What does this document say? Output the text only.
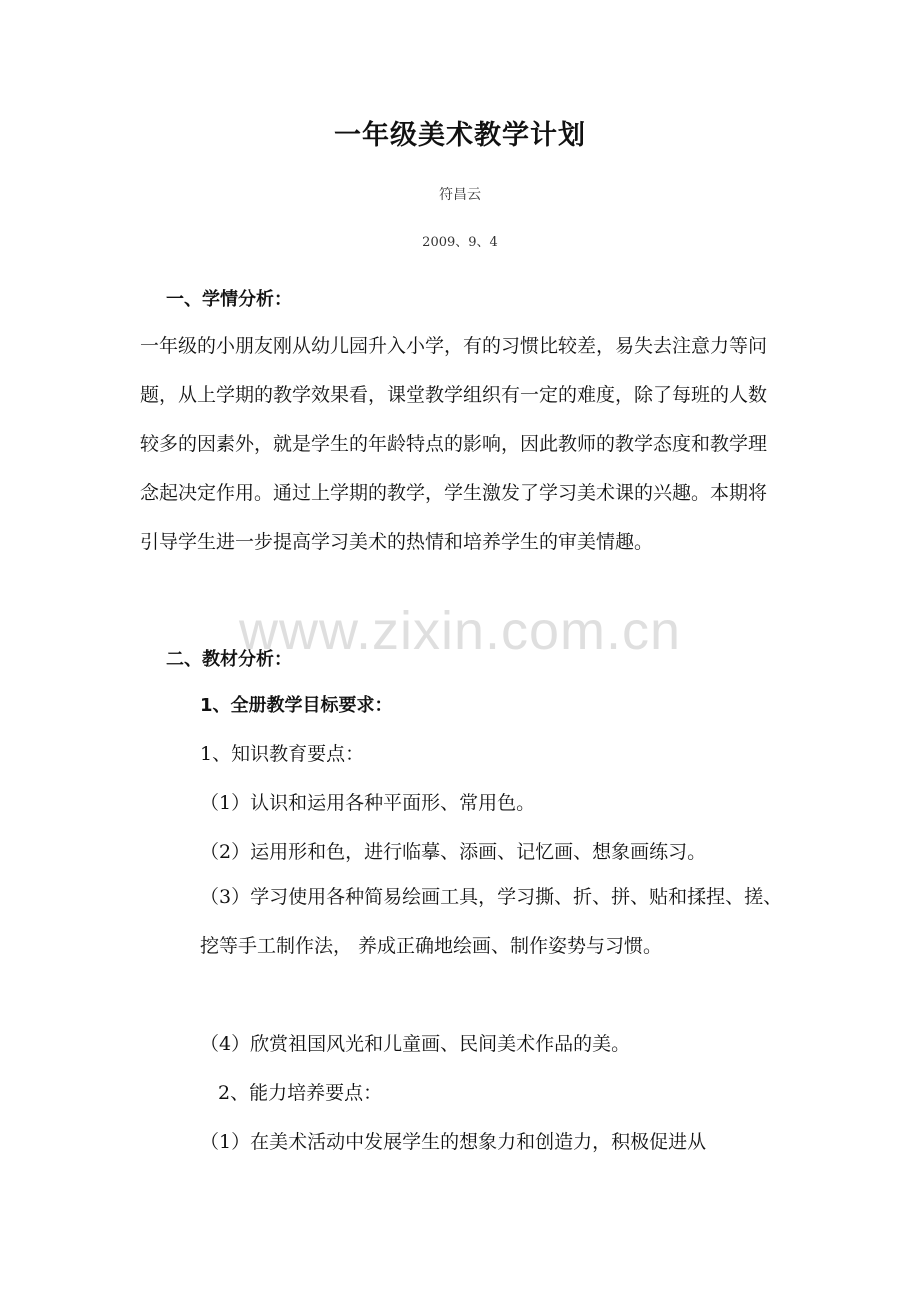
一年级美术教学计划
符昌云
2009、9、4
一、学情分析：

一年级的小朋友刚从幼儿园升入小学，有的习惯比较差，易失去注意力等问题，从上学期的教学效果看，课堂教学组织有一定的难度，除了每班的人数较多的因素外，就是学生的年龄特点的影响，因此教师的教学态度和教学理念起决定作用。通过上学期的教学，学生激发了学习美术课的兴趣。本期将引导学生进一步提高学习美术的热情和培养学生的审美情趣。

www.zixin.com.cn
二、教材分析：
1、全册教学目标要求：
1、知识教育要点：
（1）认识和运用各种平面形、常用色。
（2）运用形和色，进行临摹、添画、记忆画、想象画练习。
（3）学习使用各种简易绘画工具，学习撕、折、拼、贴和揉捏、搓、挖等手工制作法， 养成正确地绘画、制作姿势与习惯。
（4）欣赏祖国风光和儿童画、民间美术作品的美。
2、能力培养要点：
（1）在美术活动中发展学生的想象力和创造力，积极促进从
